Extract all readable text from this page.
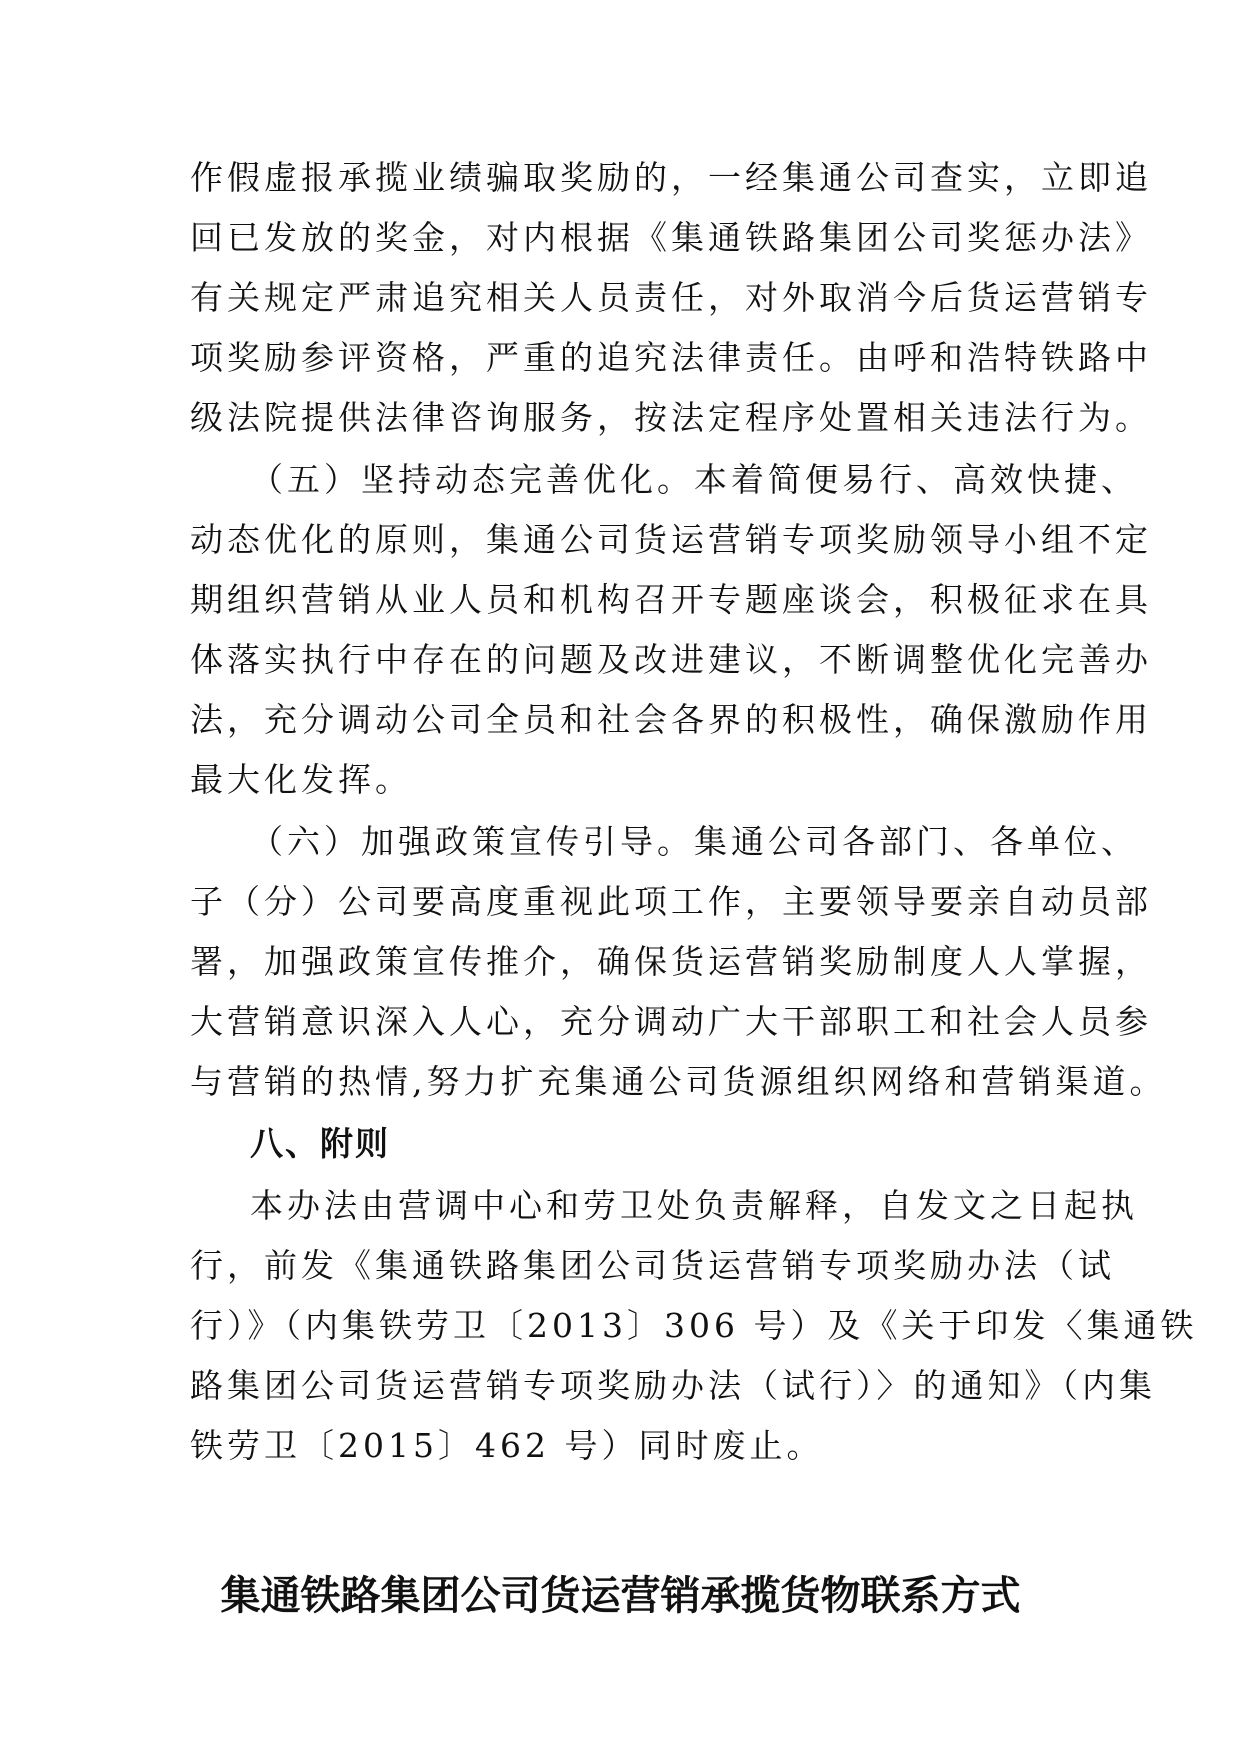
作假虚报承揽业绩骗取奖励的，一经集通公司查实，立即追
回已发放的奖金，对内根据《集通铁路集团公司奖惩办法》
有关规定严肃追究相关人员责任，对外取消今后货运营销专
项奖励参评资格，严重的追究法律责任。由呼和浩特铁路中
级法院提供法律咨询服务，按法定程序处置相关违法行为。
（五）坚持动态完善优化。本着简便易行、高效快捷、
动态优化的原则，集通公司货运营销专项奖励领导小组不定
期组织营销从业人员和机构召开专题座谈会，积极征求在具
体落实执行中存在的问题及改进建议，不断调整优化完善办
法，充分调动公司全员和社会各界的积极性，确保激励作用
最大化发挥。
（六）加强政策宣传引导。集通公司各部门、各单位、
子（分）公司要高度重视此项工作，主要领导要亲自动员部
署，加强政策宣传推介，确保货运营销奖励制度人人掌握，
大营销意识深入人心，充分调动广大干部职工和社会人员参
与营销的热情,努力扩充集通公司货源组织网络和营销渠道。
八、附则
本办法由营调中心和劳卫处负责解释，自发文之日起执
行，前发《集通铁路集团公司货运营销专项奖励办法（试
行）》（内集铁劳卫〔2013〕306 号）及《关于印发〈集通铁
路集团公司货运营销专项奖励办法（试行）〉的通知》（内集
铁劳卫〔2015〕462 号）同时废止。
集通铁路集团公司货运营销承揽货物联系方式
